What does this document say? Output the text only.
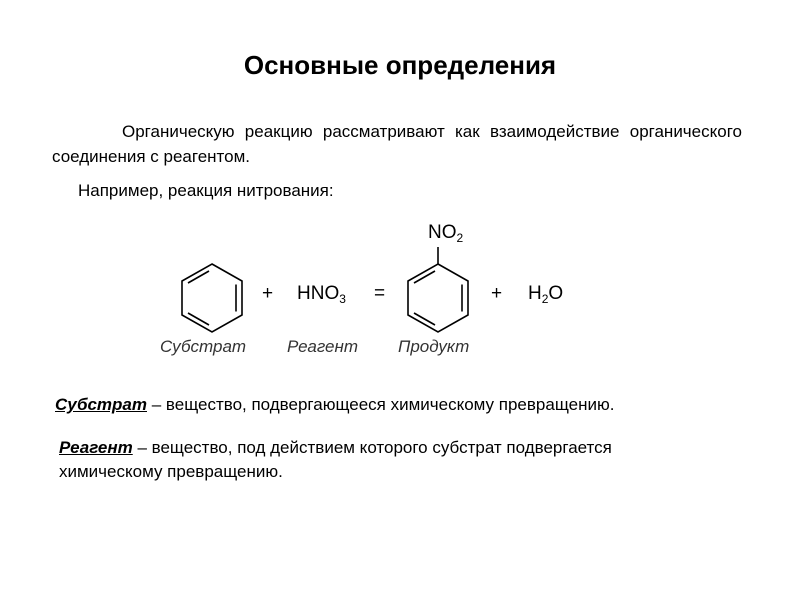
Основные определения
Органическую реакцию рассматривают как взаимодействие органического соединения с реагентом.
Например, реакция нитрования:
$NO_2$
+ $HNO_3$ =	+ $H_2O$
Субстрат Реагент Продукт
Субстрат – вещество, подвергающееся химическому превращению.
Реагент – вещество, под действием которого субстрат подвергается химическому превращению.
